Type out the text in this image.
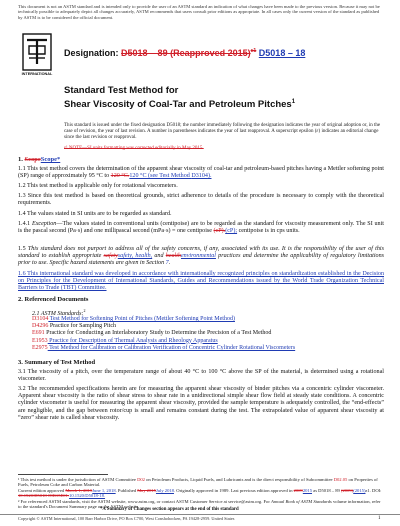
This document is not an ASTM standard and is intended only to provide the user of an ASTM standard an indication of what changes have been made to the previous version. Because it may not be technically possible to adequately depict all changes accurately, ASTM recommends that users consult prior editions as appropriate. In all cases only the current version of the standard as published by ASTM is to be considered the official document.
INTERNATIONAL
Designation: D5018 – 89 (Reapproved 2015)$^{\varepsilon 1}$ D5018 – 18
Standard Test Method for
Shear Viscosity of Coal-Tar and Petroleum Pitches$^1$
This standard is issued under the fixed designation D5018; the number immediately following the designation indicates the year of original adoption or, in the case of revision, the year of last revision. A number in parentheses indicates the year of last reapproval. A superscript epsilon (ε) indicates an editorial change since the last revision or reapproval.
ε¹ NOTE—SI units formatting was corrected editorially in May 2015.
1. ScopeScope*
1.1 This test method covers the determination of the apparent shear viscosity of coal-tar and petroleum-based pitches having a Mettler softening point (SP) range of approximately 95 °C to 120 °C.120 °C (see Test Method D3104).
1.2 This test method is applicable only for rotational viscometers.
1.3 Since this test method is based on theoretical grounds, strict adherence to details of the procedure is necessary to comply with the theoretical requirements.
1.4 The values stated in SI units are to be regarded as standard.
1.4.1 Exception—The values stated in conventional units (centipoise) are to be regarded as the standard for viscosity measurement only. The SI unit is the pascal second (Pa·s) and one millipascal second (mPa·s) = one centipoise (cP).(cP); centipoise is in cps units.
1.5 This standard does not purport to address all of the safety concerns, if any, associated with its use. It is the responsibility of the user of this standard to establish appropriate safetysafety, health, and healthenvironmental practices and determine the applicability of regulatory limitations prior to use. Specific hazard statements are given in Section 7.
1.6 This international standard was developed in accordance with internationally recognized principles on standardization established in the Decision on Principles for the Development of International Standards, Guides and Recommendations issued by the World Trade Organization Technical Barriers to Trade (TBT) Committee.
2. Referenced Documents
2.1 ASTM Standards:$^2$
D3104 Test Method for Softening Point of Pitches (Mettler Softening Point Method)
D4296 Practice for Sampling Pitch
E691 Practice for Conducting an Interlaboratory Study to Determine the Precision of a Test Method
E1953 Practice for Description of Thermal Analysis and Rheology Apparatus
E2975 Test Method for Calibration or Calibration Verification of Concentric Cylinder Rotational Viscometers
3. Summary of Test Method
3.1 The viscosity of a pitch, over the temperature range of about 40 °C to 100 °C above the SP of the material, is determined using a rotational viscometer.
3.2 The recommended specifications herein are for measuring the apparent shear viscosity of binder pitches via a concentric cylinder viscometer. Apparent shear viscosity is the ratio of shear stress to shear rate in a unidirectional simple shear flow field at steady state conditions. A concentric cylinder viscometer is useful for measuring the apparent shear viscosity, provided the sample temperature is adequately controlled, the “end-effects” are negligible, and the gap between rotor/cup is small and remains constant during the test. The extrapolated value of apparent shear viscosity at “zero” shear rate is called shear viscosity.
¹ This test method is under the jurisdiction of ASTM Committee D02 on Petroleum Products, Liquid Fuels, and Lubricants and is the direct responsibility of Subcommittee D02.05 on Properties of Fuels, Petroleum Coke and Carbon Material.
Current edition approved March 1, 2015June 1, 2018. Published May 2015July 2018. Originally approved in 1989. Last previous edition approved in 20092015 as D5018 – 89 (2009)(2015)ε1. DOI: 10.1520/D5018-89R15E01.10.1520/D5018-18.
² For referenced ASTM standards, visit the ASTM website, www.astm.org, or contact ASTM Customer Service at service@astm.org. For Annual Book of ASTM Standards volume information, refer to the standard's Document Summary page on the ASTM website.
*A Summary of Changes section appears at the end of this standard
Copyright © ASTM International, 100 Barr Harbor Drive, PO Box C700, West Conshohocken, PA 19428-2959. United States	1
